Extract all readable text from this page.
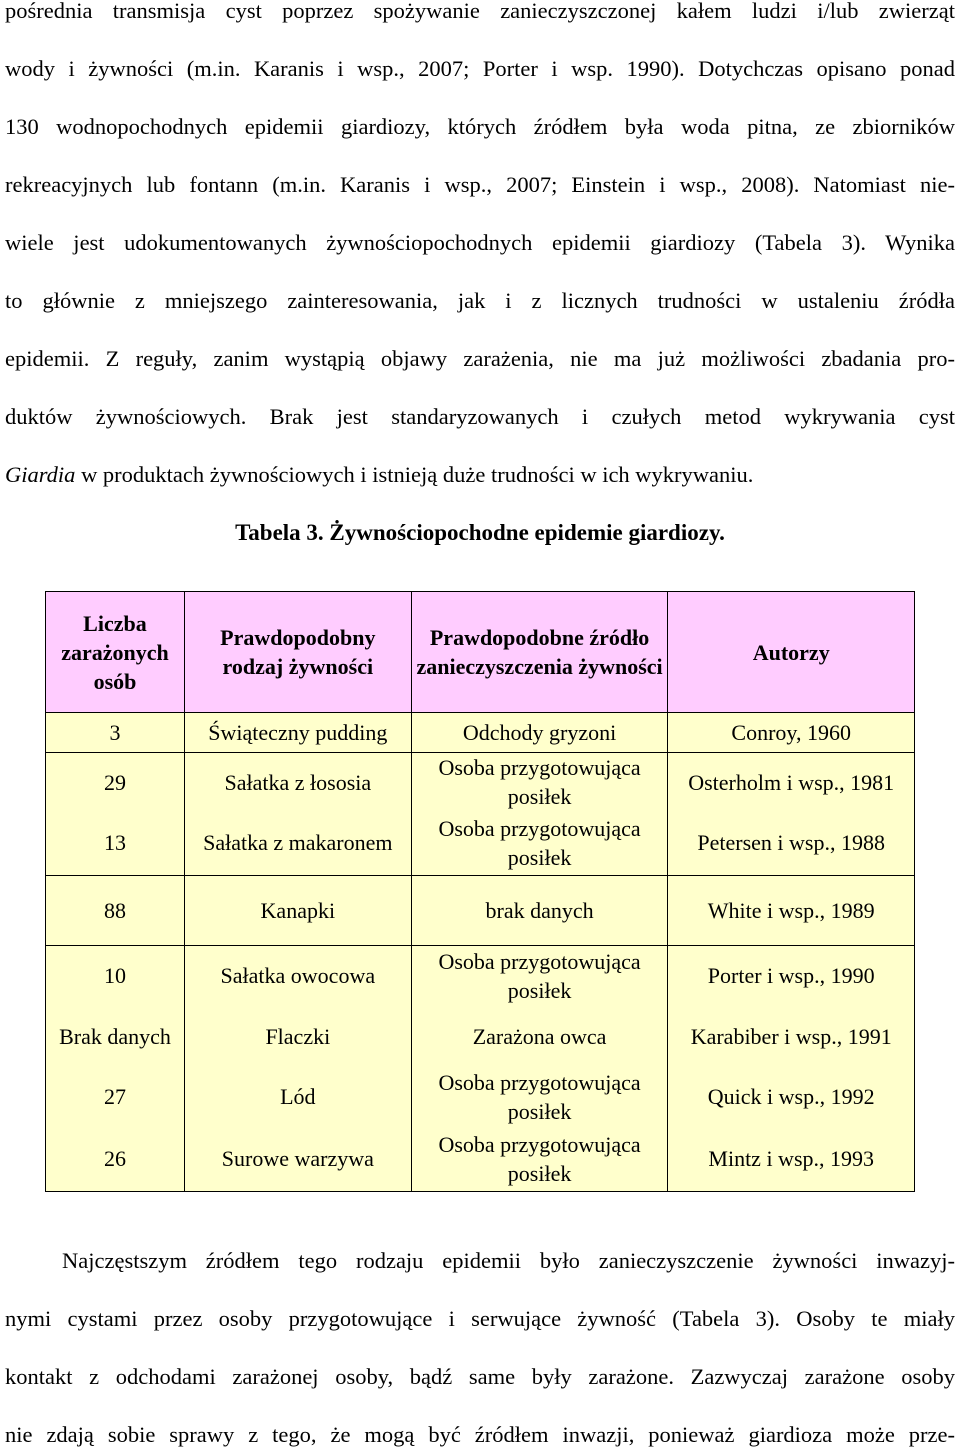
pośrednia transmisja cyst poprzez spożywanie zanieczyszczonej kałem ludzi i/lub zwierząt
wody i żywności (m.in. Karanis i wsp., 2007; Porter i wsp. 1990). Dotychczas opisano ponad
130 wodnopochodnych epidemii giardiozy, których źródłem była woda pitna, ze zbiorników
rekreacyjnych lub fontann (m.in. Karanis i wsp., 2007; Einstein i wsp., 2008). Natomiast nie-
wiele jest udokumentowanych żywnościopochodnych epidemii giardiozy (Tabela 3). Wynika
to głównie z mniejszego zainteresowania, jak i z licznych trudności w ustaleniu źródła
epidemii. Z reguły, zanim wystąpią objawy zarażenia, nie ma już możliwości zbadania pro-
duktów żywnościowych. Brak jest standaryzowanych i czułych metod wykrywania cyst
Giardia w produktach żywnościowych i istnieją duże trudności w ich wykrywaniu.
Tabela 3. Żywnościopochodne epidemie giardiozy.
Liczba zarażonych osób	Prawdopodobny rodzaj żywności	Prawdopodobne źródło zanieczyszczenia żywności	Autorzy
3	Świąteczny pudding	Odchody gryzoni	Conroy, 1960
29	Sałatka z łososia	Osoba przygotowująca posiłek	Osterholm i wsp., 1981
13	Sałatka z makaronem	Osoba przygotowująca posiłek	Petersen i wsp., 1988
88	Kanapki	brak danych	White i wsp., 1989
10	Sałatka owocowa	Osoba przygotowująca posiłek	Porter i wsp., 1990
Brak danych	Flaczki	Zarażona owca	Karabiber i wsp., 1991
27	Lód	Osoba przygotowująca posiłek	Quick i wsp., 1992
26	Surowe warzywa	Osoba przygotowująca posiłek	Mintz i wsp., 1993
Najczęstszym źródłem tego rodzaju epidemii było zanieczyszczenie żywności inwazyj-
nymi cystami przez osoby przygotowujące i serwujące żywność (Tabela 3). Osoby te miały
kontakt z odchodami zarażonej osoby, bądź same były zarażone. Zazwyczaj zarażone osoby
nie zdają sobie sprawy z tego, że mogą być źródłem inwazji, ponieważ giardioza może prze-
